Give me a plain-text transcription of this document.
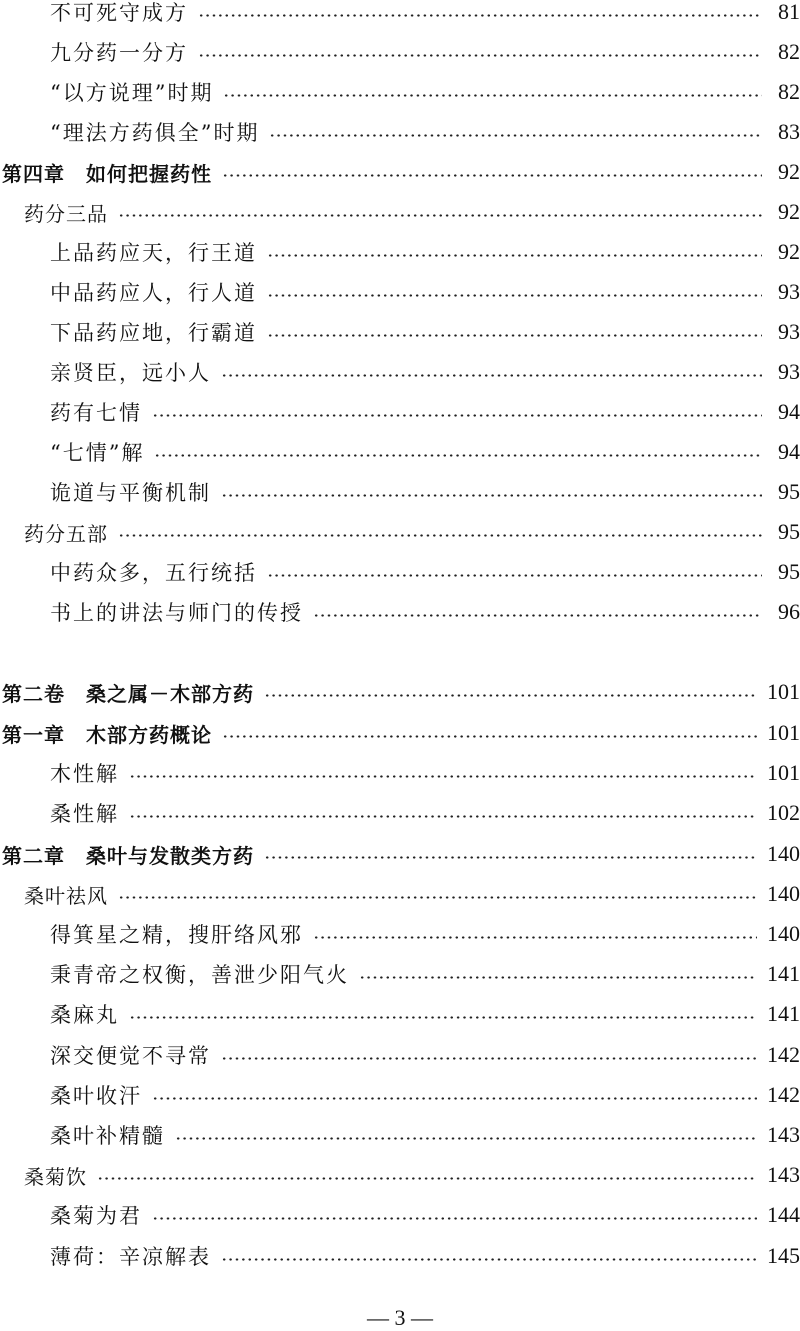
不可死守成方	81
九分药一分方	82
“以方说理”时期	82
“理法方药俱全”时期	83
第四章　如何把握药性	92
药分三品	92
上品药应天，行王道	92
中品药应人，行人道	93
下品药应地，行霸道	93
亲贤臣，远小人	93
药有七情	94
“七情”解	94
诡道与平衡机制	95
药分五部	95
中药众多，五行统括	95
书上的讲法与师门的传授	96
第二卷　桑之属－木部方药	101
第一章　木部方药概论	101
木性解	101
桑性解	102
第二章　桑叶与发散类方药	140
桑叶祛风	140
得箕星之精，搜肝络风邪	140
秉青帝之权衡，善泄少阳气火	141
桑麻丸	141
深交便觉不寻常	142
桑叶收汗	142
桑叶补精髓	143
桑菊饮	143
桑菊为君	144
薄荷：辛凉解表	145
— 3 —
